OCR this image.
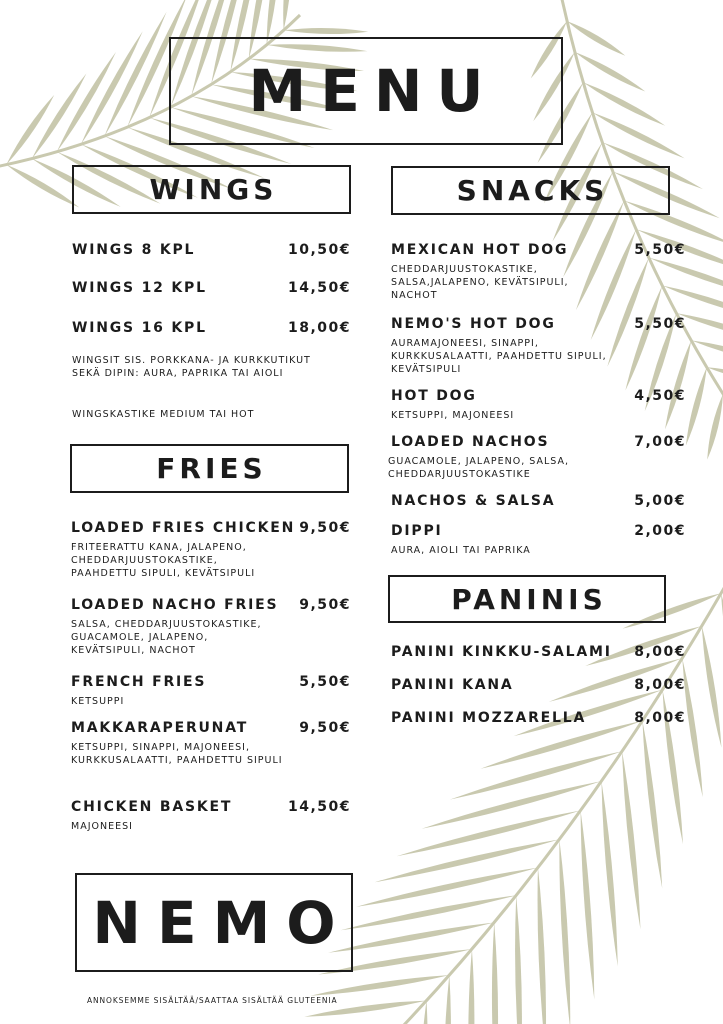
MENU
WINGS
WINGS 8 KPL	10,50€
WINGS 12 KPL	14,50€
WINGS 16 KPL	18,00€
WINGSIT SIS. PORKKANA- JA KURKKUTIKUT SEKÄ DIPIN: AURA, PAPRIKA TAI AIOLI
WINGSKASTIKE MEDIUM TAI HOT
FRIES
LOADED FRIES CHICKEN 9,50€
FRITEERATTU KANA, JALAPENO, CHEDDARJUUSTOKASTIKE, PAAHDETTU SIPULI, KEVÄTSIPULI
LOADED NACHO FRIES 9,50€
SALSA, CHEDDARJUUSTOKASTIKE, GUACAMOLE, JALAPENO, KEVÄTSIPULI, NACHOT
FRENCH FRIES	5,50€
KETSUPPI
MAKKARAPERUNAT	9,50€
KETSUPPI, SINAPPI, MAJONEESI, KURKKUSALAATTI, PAAHDETTU SIPULI
CHICKEN BASKET	14,50€
MAJONEESI
SNACKS
MEXICAN HOT DOG	5,50€
CHEDDARJUUSTOKASTIKE, SALSA,JALAPENO, KEVÄTSIPULI, NACHOT
NEMO'S HOT DOG	5,50€
AURAMAJONEESI, SINAPPI, KURKKUSALAATTI, PAAHDETTU SIPULI, KEVÄTSIPULI
HOT DOG	4,50€
KETSUPPI, MAJONEESI
LOADED NACHOS	7,00€
GUACAMOLE, JALAPENO, SALSA, CHEDDARJUUSTOKASTIKE
NACHOS & SALSA	5,00€
DIPPI	2,00€
AURA, AIOLI TAI PAPRIKA
PANINIS
PANINI KINKKU-SALAMI 8,00€
PANINI KANA	8,00€
PANINI MOZZARELLA	8,00€
NEMO
ANNOKSEMME SISÄLTÄÄ/SAATTAA SISÄLTÄÄ GLUTEENIA
